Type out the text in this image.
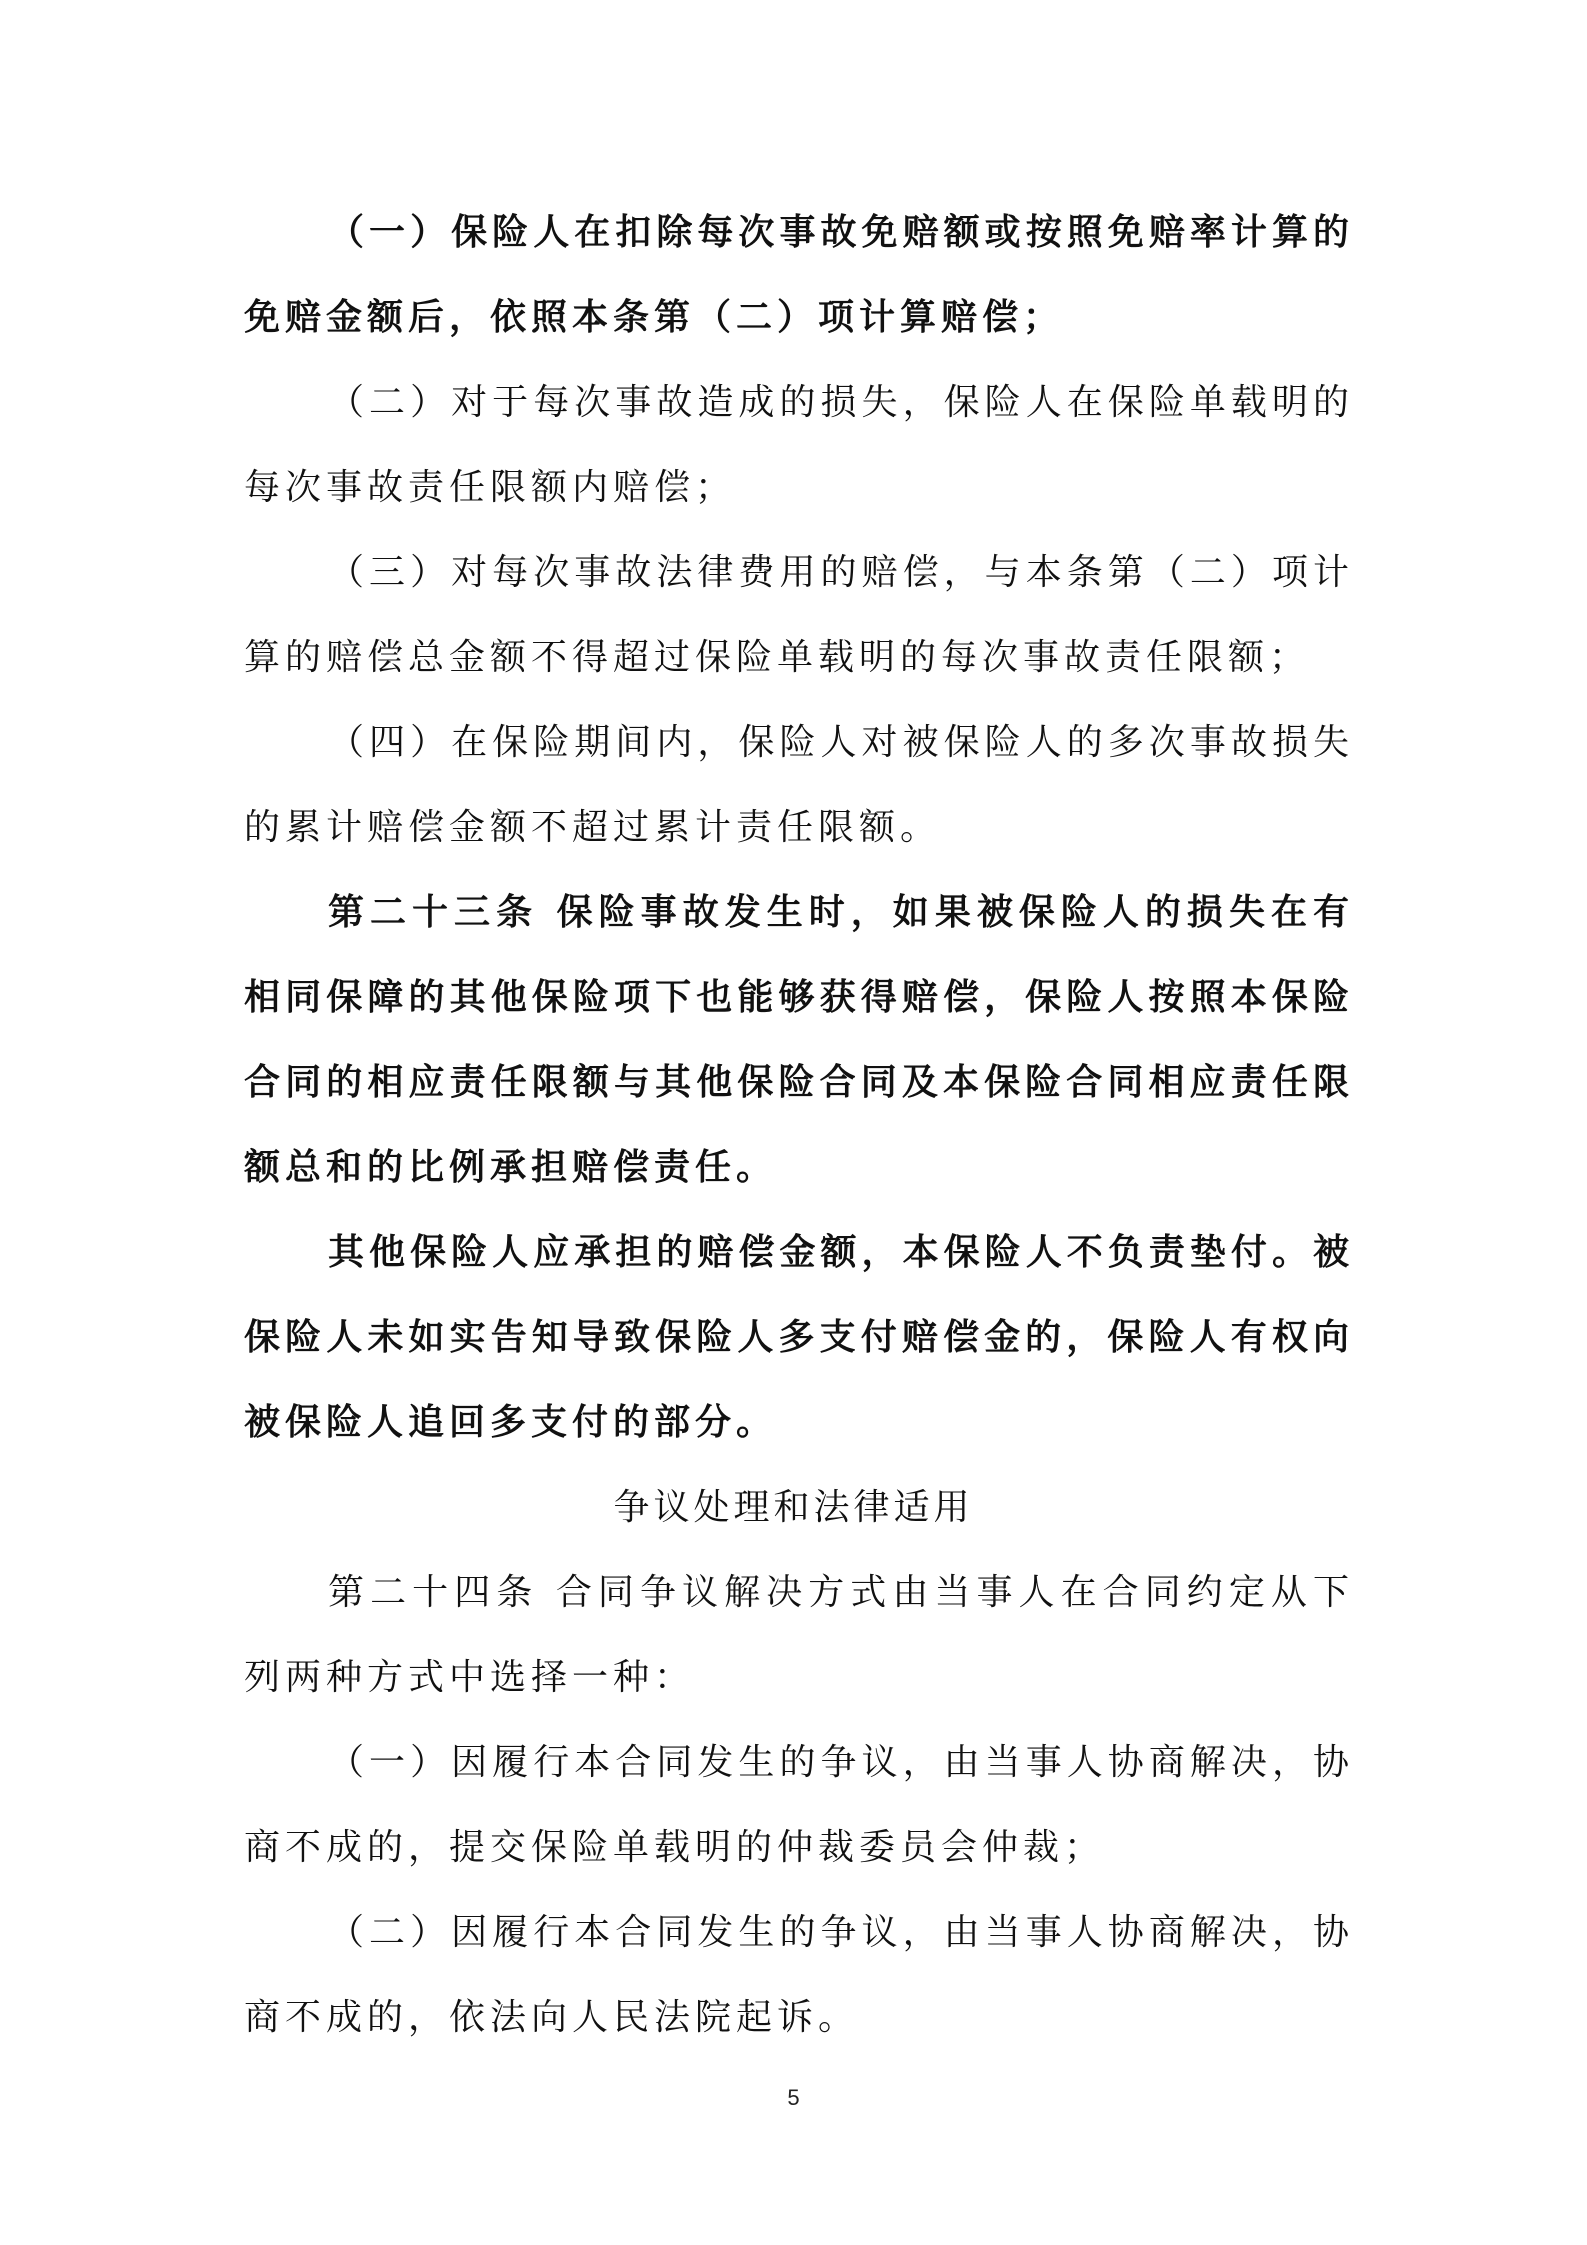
（一）保险人在扣除每次事故免赔额或按照免赔率计算的免赔金额后，依照本条第（二）项计算赔偿；

（二）对于每次事故造成的损失，保险人在保险单载明的每次事故责任限额内赔偿；

（三）对每次事故法律费用的赔偿，与本条第（二）项计算的赔偿总金额不得超过保险单载明的每次事故责任限额；

（四）在保险期间内，保险人对被保险人的多次事故损失的累计赔偿金额不超过累计责任限额。

第二十三条 保险事故发生时，如果被保险人的损失在有相同保障的其他保险项下也能够获得赔偿，保险人按照本保险合同的相应责任限额与其他保险合同及本保险合同相应责任限额总和的比例承担赔偿责任。

其他保险人应承担的赔偿金额，本保险人不负责垫付。被保险人未如实告知导致保险人多支付赔偿金的，保险人有权向被保险人追回多支付的部分。

争议处理和法律适用

第二十四条 合同争议解决方式由当事人在合同约定从下列两种方式中选择一种：

（一）因履行本合同发生的争议，由当事人协商解决，协商不成的，提交保险单载明的仲裁委员会仲裁；

（二）因履行本合同发生的争议，由当事人协商解决，协商不成的，依法向人民法院起诉。

5
